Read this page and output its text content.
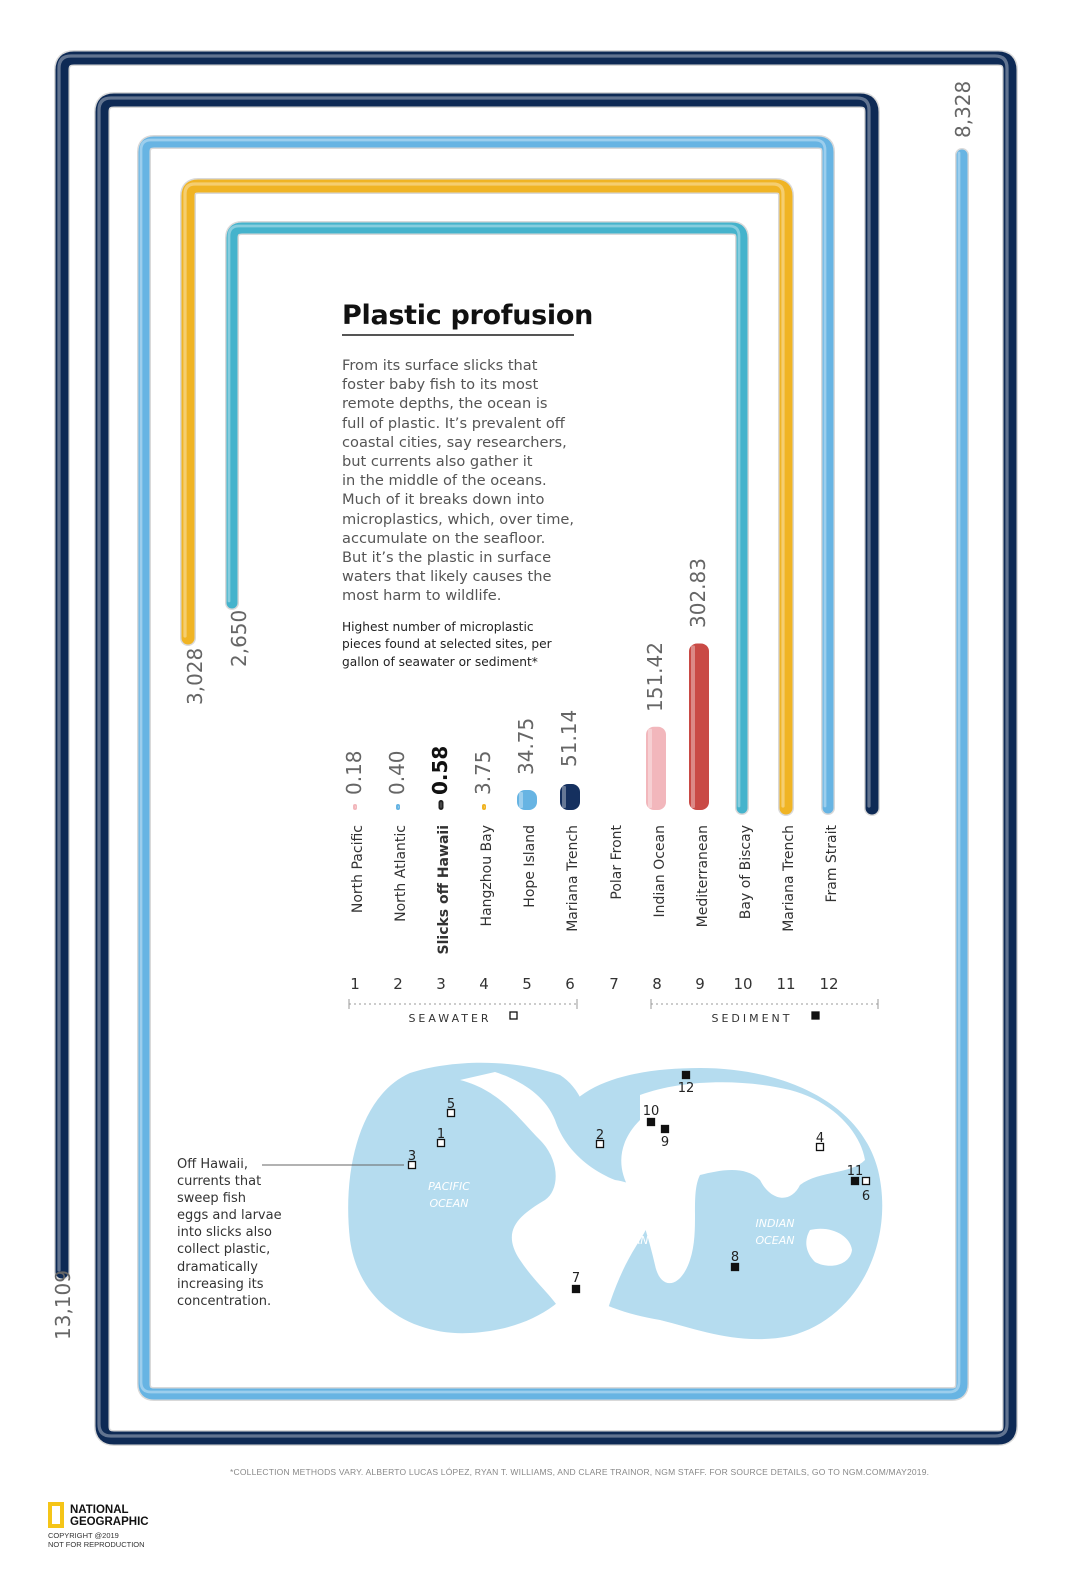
PACIFIC
OCEAN
ATLANTIC
OCEAN
INDIAN
OCEAN
1	2
3
4
5
6
7
8
9
10
11
12
0.18 0.40 0.58 3.75 34.75 51.14
151.42
302.83
2,650
3,028
8,328
13,109
North Pacific North Atlantic Slicks off Hawaii Hangzhou Bay Hope Island Mariana Trench Polar Front Indian Ocean Mediterranean Bay of Biscay Mariana Trench Fram Strait
1 2 3 4 5 6 7 8 9 10 11 12
SEAWATER	SEDIMENT
Plastic profusion
From its surface slicks that
foster baby fish to its most
remote depths, the ocean is
full of plastic. It’s prevalent off
coastal cities, say researchers,
but currents also gather it
in the middle of the oceans.
Much of it breaks down into
microplastics, which, over time,
accumulate on the seafloor.
But it’s the plastic in surface
waters that likely causes the
most harm to wildlife.
Highest number of microplastic
pieces found at selected sites, per
gallon of seawater or sediment*
Off Hawaii,
currents that
sweep fish
eggs and larvae
into slicks also
collect plastic,
dramatically
increasing its
concentration.
*COLLECTION METHODS VARY. ALBERTO LUCAS LÓPEZ, RYAN T. WILLIAMS, AND CLARE TRAINOR, NGM STAFF. FOR SOURCE DETAILS, GO TO NGM.COM/MAY2019.
NATIONAL
GEOGRAPHIC
COPYRIGHT @2019
NOT FOR REPRODUCTION
